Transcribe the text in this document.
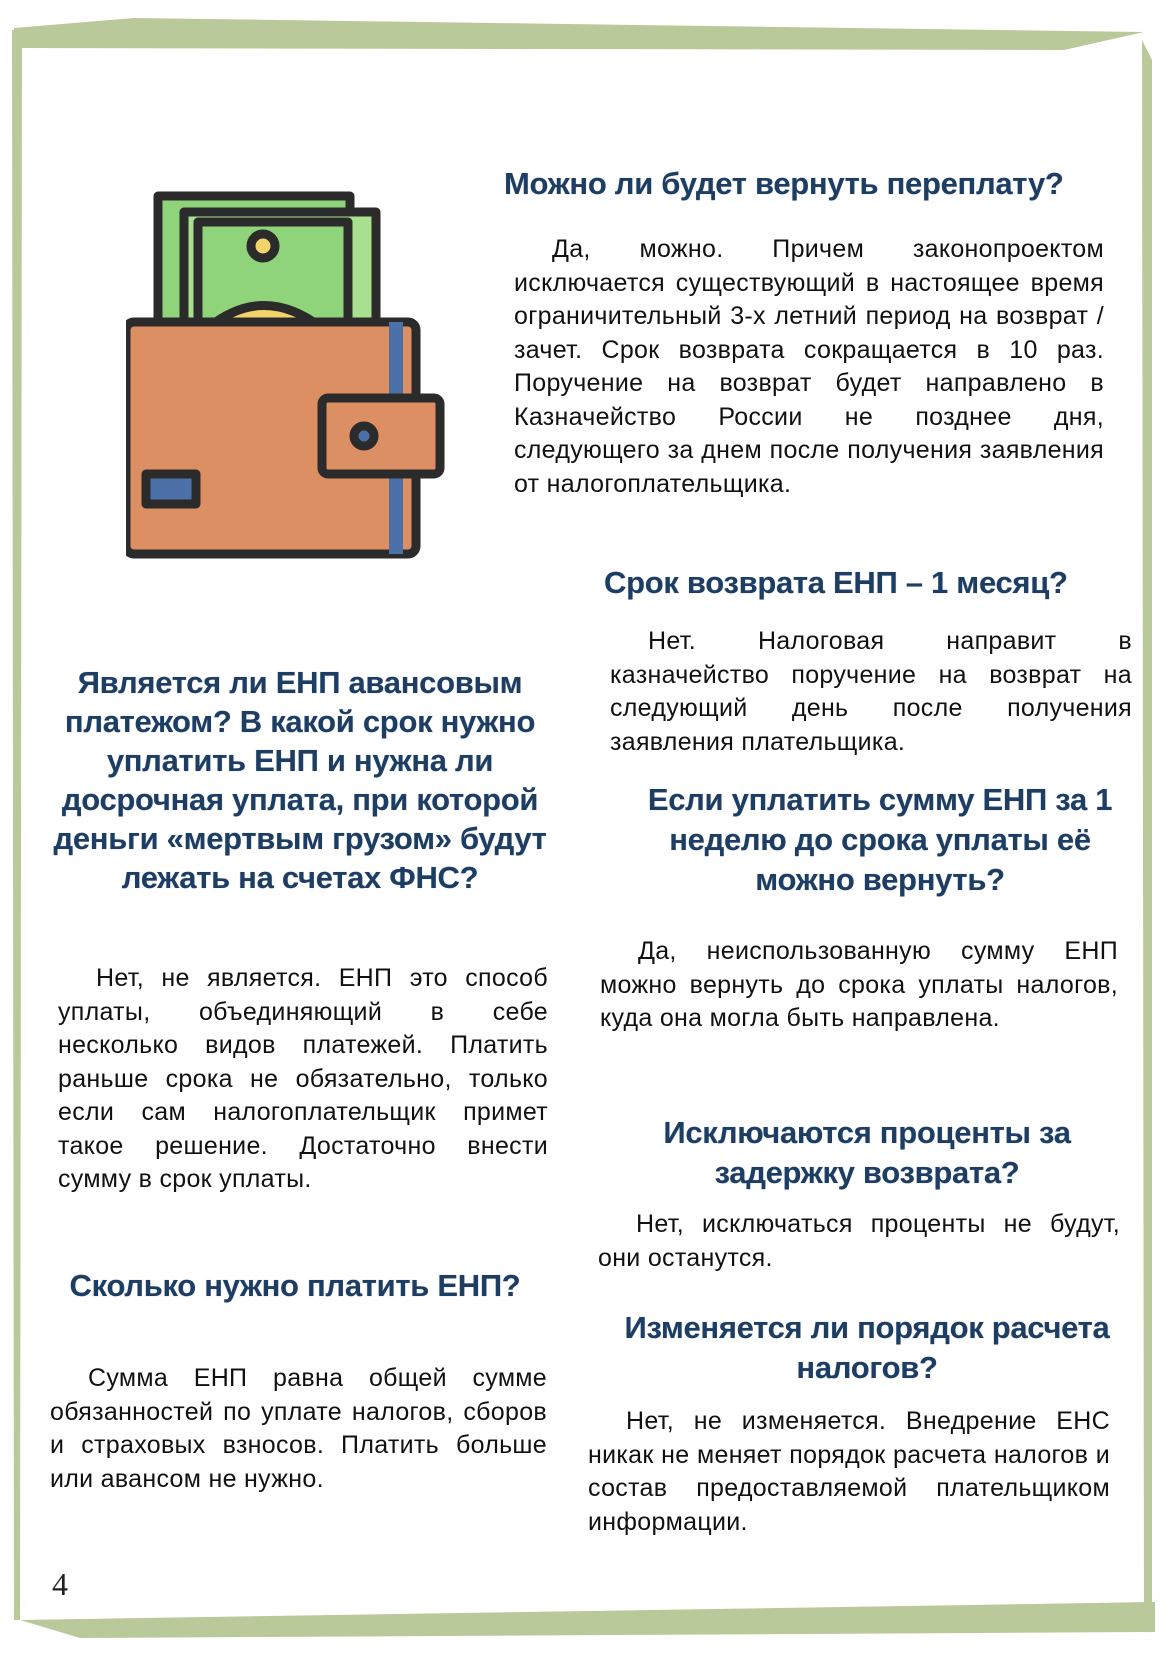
Можно ли будет вернуть переплату?

Да, можно. Причем законопроектом исключается существующий в настоящее время ограничительный 3-х летний период на возврат / зачет. Срок возврата сокращается в 10 раз. Поручение на возврат будет направлено в Казначейство России не позднее дня, следующего за днем после получения заявления от налогоплательщика.

Срок возврата ЕНП – 1 месяц?

Нет. Налоговая направит в казначейство поручение на возврат на следующий день после получения заявления плательщика.

Является ли ЕНП авансовым платежом? В какой срок нужно уплатить ЕНП и нужна ли досрочная уплата, при которой деньги «мертвым грузом» будут лежать на счетах ФНС?

Нет, не является. ЕНП это способ уплаты, объединяющий в себе несколько видов платежей. Платить раньше срока не обязательно, только если сам налогоплательщик примет такое решение. Достаточно внести сумму в срок уплаты.

Если уплатить сумму ЕНП за 1 неделю до срока уплаты её можно вернуть?

Да, неиспользованную сумму ЕНП можно вернуть до срока уплаты налогов, куда она могла быть направлена.

Исключаются проценты за задержку возврата?

Нет, исключаться проценты не будут, они останутся.

Сколько нужно платить ЕНП?

Сумма ЕНП равна общей сумме обязанностей по уплате налогов, сборов и страховых взносов. Платить больше или авансом не нужно.

Изменяется ли порядок расчета налогов?

Нет, не изменяется. Внедрение ЕНС никак не меняет порядок расчета налогов и состав предоставляемой плательщиком информации.

4
